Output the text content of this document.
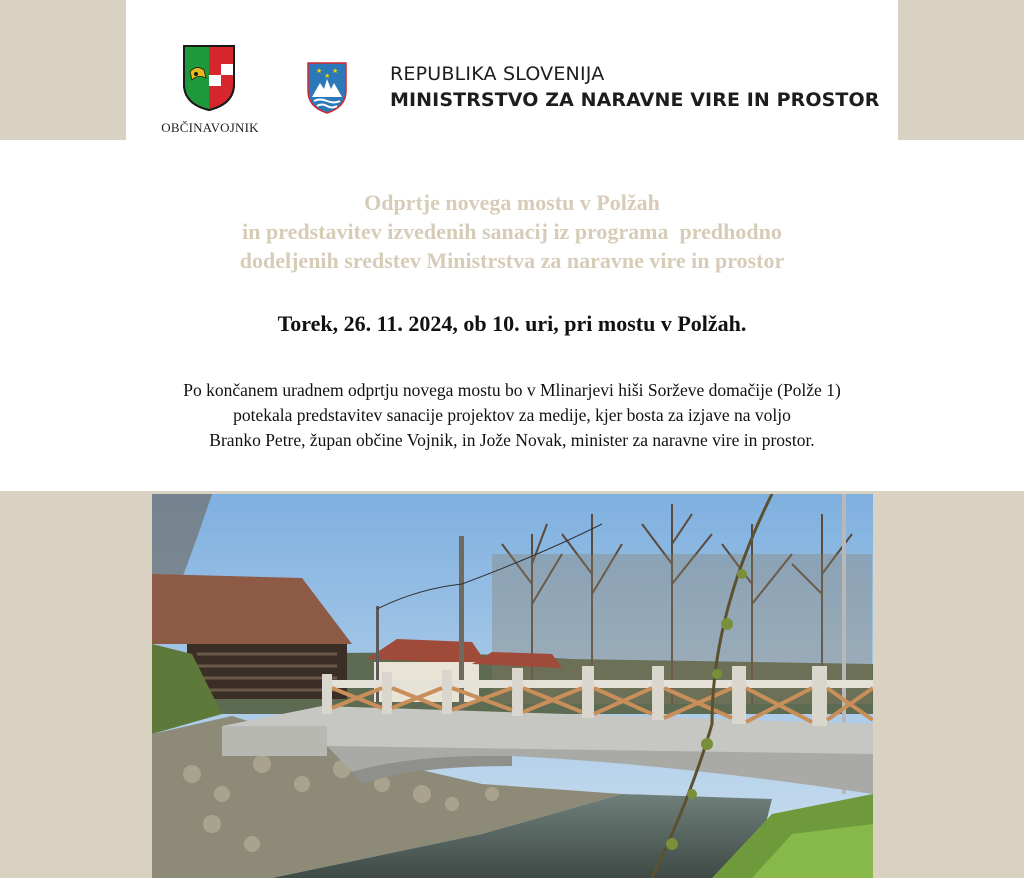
OBČINAVOJNIK
★ ★
★	REPUBLIKA SLOVENIJA
MINISTRSTVO ZA NARAVNE VIRE IN PROSTOR
Odprtje novega mostu v Polžah
in predstavitev izvedenih sanacij iz programa  predhodno
dodeljenih sredstev Ministrstva za naravne vire in prostor
Torek, 26. 11. 2024, ob 10. uri, pri mostu v Polžah.
Po končanem uradnem odprtju novega mostu bo v Mlinarjevi hiši Sorževe domačije (Polže 1)
potekala predstavitev sanacije projektov za medije, kjer bosta za izjave na voljo
Branko Petre, župan občine Vojnik, in Jože Novak, minister za naravne vire in prostor.
